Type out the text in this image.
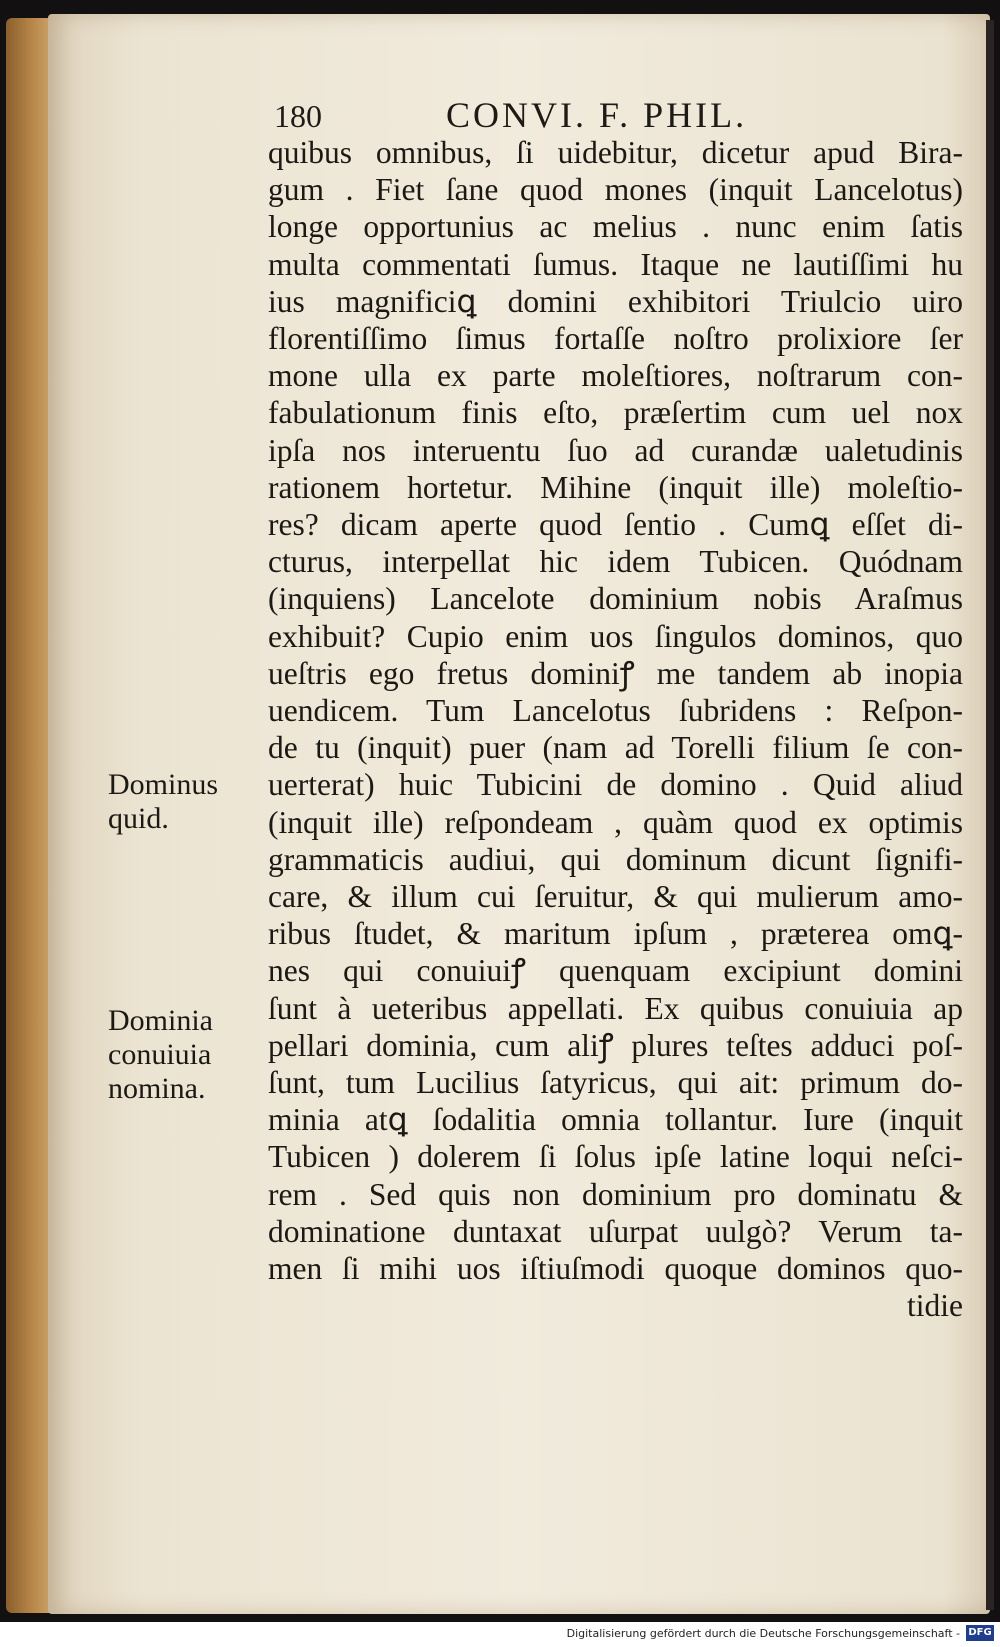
180	CONVI. F. PHIL.
quibus omnibus, ſi uidebitur, dicetur apud Bira-
gum . Fiet ſane quod mones (inquit Lancelotus)
longe opportunius ac melius . nunc enim ſatis
multa commentati ſumus. Itaque ne lautiſſimi hu
ius magnificiꝗ domini exhibitori Triulcio uiro
florentiſſimo ſimus fortaſſe noſtro prolixiore ſer
mone ulla ex parte moleſtiores, noſtrarum con-
fabulationum finis eſto, præſertim cum uel nox
ipſa nos interuentu ſuo ad curandæ ualetudinis
rationem hortetur. Mihine (inquit ille) moleſtio-
res? dicam aperte quod ſentio . Cumꝗ eſſet di-
cturus, interpellat hic idem Tubicen. Quódnam
(inquiens) Lancelote dominium nobis Araſmus
exhibuit? Cupio enim uos ſingulos dominos, quo
ueſtris ego fretus dominiꝭ me tandem ab inopia
uendicem. Tum Lancelotus ſubridens : Reſpon-
de tu (inquit) puer (nam ad Torelli filium ſe con-
uerterat) huic Tubicini de domino . Quid aliud
(inquit ille) reſpondeam , quàm quod ex optimis
grammaticis audiui, qui dominum dicunt ſignifi-
care, & illum cui ſeruitur, & qui mulierum amo-
ribus ſtudet, & maritum ipſum , præterea omꝗ-
nes qui conuiuiꝭ quenquam excipiunt domini
ſunt à ueteribus appellati. Ex quibus conuiuia ap
pellari dominia, cum aliꝭ plures teſtes adduci poſ-
ſunt, tum Lucilius ſatyricus, qui ait: primum do-
minia atꝗ ſodalitia omnia tollantur. Iure (inquit
Tubicen ) dolerem ſi ſolus ipſe latine loqui neſci-
rem . Sed quis non dominium pro dominatu &
dominatione duntaxat uſurpat uulgò? Verum ta-
men ſi mihi uos iſtiuſmodi quoque dominos quo-
tidie
Dominus
quid.
Dominia
conuiuia
nomina.
Digitalisierung gefördert durch die Deutsche Forschungsgemeinschaft - DFG
